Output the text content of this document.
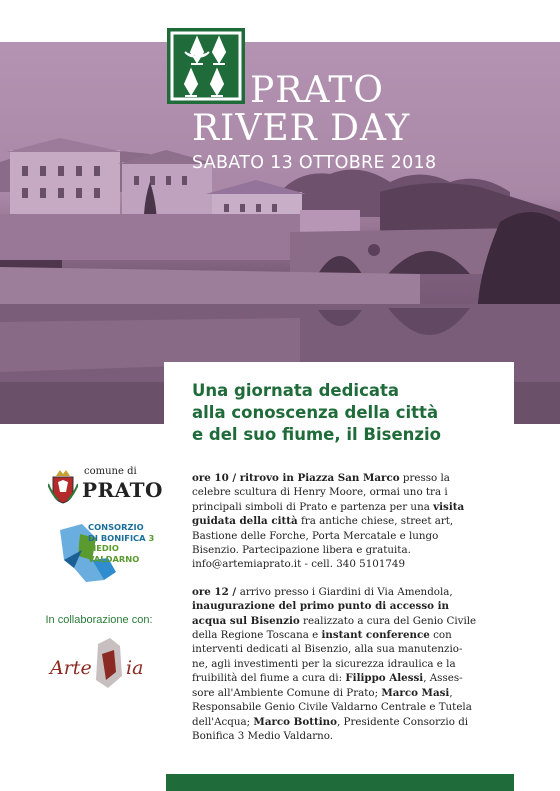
PRATO
RIVER DAY
SABATO 13 OTTOBRE 2018
Una giornata dedicata
alla conoscenza della città
e del suo fiume, il Bisenzio
comune di
PRATO
CONSORZIO
DI BONIFICA 3
MEDIO
VALDARNO
In collaborazione con:
Arte ia
ore 10 / ritrovo in Piazza San Marco presso la
celebre scultura di Henry Moore, ormai uno tra i
principali simboli di Prato e partenza per una visita
guidata della città fra antiche chiese, street art,
Bastione delle Forche, Porta Mercatale e lungo
Bisenzio. Partecipazione libera e gratuita.
info@artemiaprato.it - cell. 340 5101749
ore 12 / arrivo presso i Giardini di Via Amendola,
inaugurazione del primo punto di accesso in
acqua sul Bisenzio realizzato a cura del Genio Civile
della Regione Toscana e instant conference con
interventi dedicati al Bisenzio, alla sua manutenzio-
ne, agli investimenti per la sicurezza idraulica e la
fruibilità del fiume a cura di: Filippo Alessi, Asses-
sore all'Ambiente Comune di Prato; Marco Masi,
Responsabile Genio Civile Valdarno Centrale e Tutela
dell'Acqua; Marco Bottino, Presidente Consorzio di
Bonifica 3 Medio Valdarno.
